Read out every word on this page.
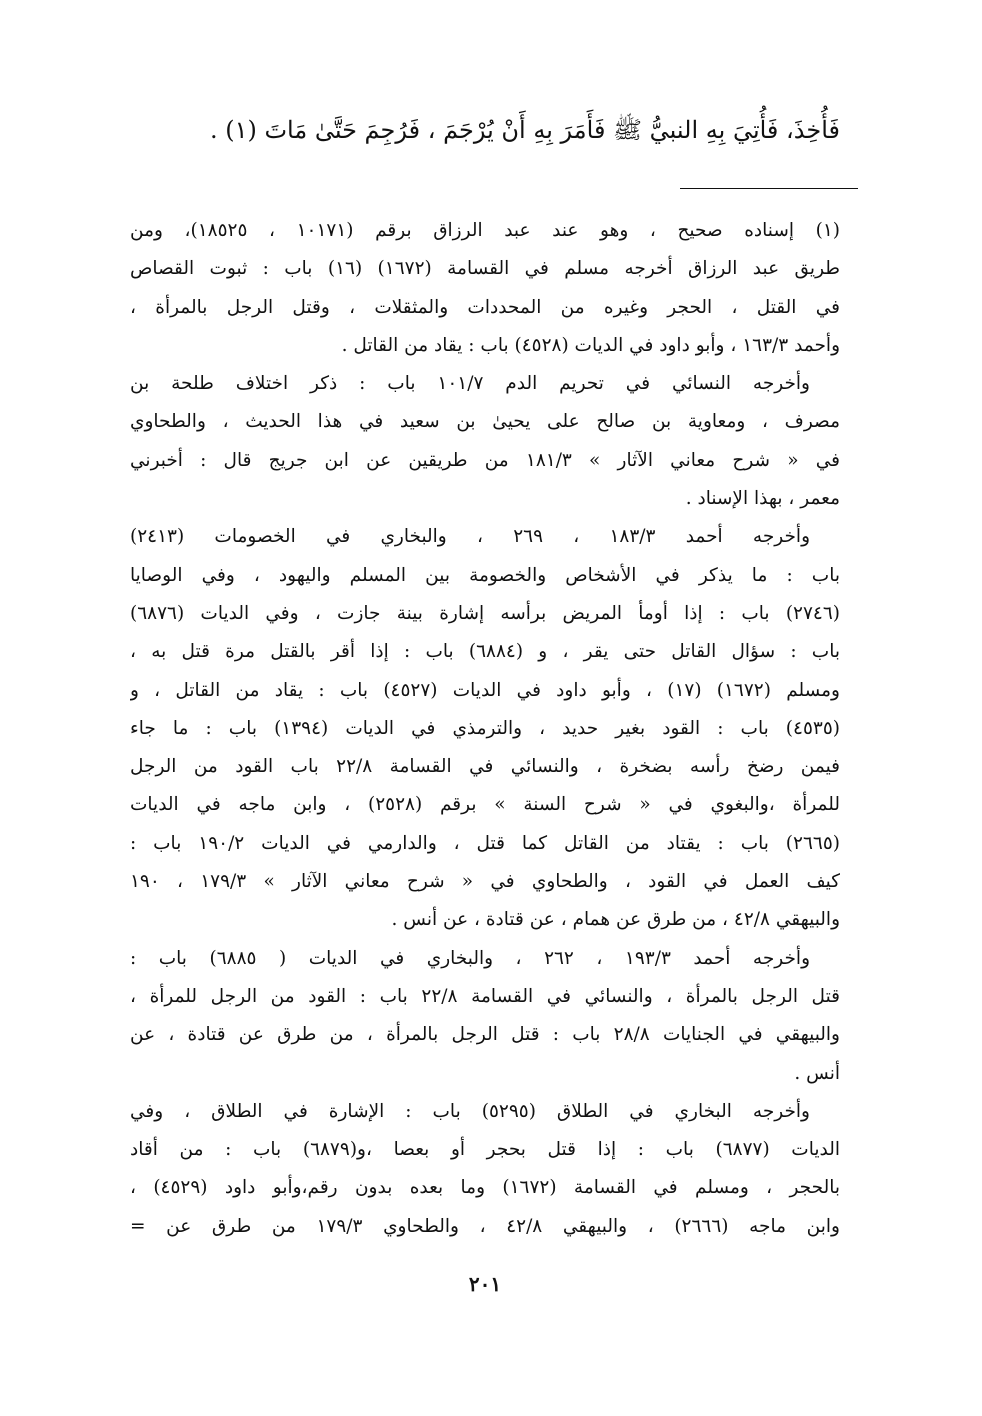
فَأُخِذَ، فَأُتِيَ بِهِ النبيُّ ﷺ فَأَمَرَ بِهِ أَنْ يُرْجَمَ ، فَرُجِمَ حَتَّىٰ مَاتَ (١) .

(١) إسناده صحيح ، وهو عند عبد الرزاق برقم (١٠١٧١ ، ١٨٥٢٥)، ومن
طريق عبد الرزاق أخرجه مسلم في القسامة (١٦٧٢) (١٦) باب : ثبوت القصاص
في القتل ، الحجر وغيره من المحددات والمثقلات ، وقتل الرجل بالمرأة ،
وأحمد ١٦٣/٣ ، وأبو داود في الديات (٤٥٢٨) باب : يقاد من القاتل .
وأخرجه النسائي في تحريم الدم ١٠١/٧ باب : ذكر اختلاف طلحة بن
مصرف ، ومعاوية بن صالح على يحيىٰ بن سعيد في هذا الحديث ، والطحاوي
في « شرح معاني الآثار » ١٨١/٣ من طريقين عن ابن جريج قال : أخبرني
معمر ، بهذا الإسناد .
وأخرجه أحمد ١٨٣/٣ ، ٢٦٩ ، والبخاري في الخصومات (٢٤١٣)
باب : ما يذكر في الأشخاص والخصومة بين المسلم واليهود ، وفي الوصايا
(٢٧٤٦) باب : إذا أومأ المريض برأسه إشارة بينة جازت ، وفي الديات (٦٨٧٦)
باب : سؤال القاتل حتى يقر ، و (٦٨٨٤) باب : إذا أقر بالقتل مرة قتل به ،
ومسلم (١٦٧٢) (١٧) ، وأبو داود في الديات (٤٥٢٧) باب : يقاد من القاتل ، و
(٤٥٣٥) باب : القود بغير حديد ، والترمذي في الديات (١٣٩٤) باب : ما جاء
فيمن رضخ رأسه بضخرة ، والنسائي في القسامة ٢٢/٨ باب القود من الرجل
للمرأة ،والبغوي في « شرح السنة » برقم (٢٥٢٨) ، وابن ماجه في الديات
(٢٦٦٥) باب : يقتاد من القاتل كما قتل ، والدارمي في الديات ١٩٠/٢ باب :
كيف العمل في القود ، والطحاوي في « شرح معاني الآثار » ١٧٩/٣ ، ١٩٠
والبيهقي ٤٢/٨ ، من طرق عن همام ، عن قتادة ، عن أنس .
وأخرجه أحمد ١٩٣/٣ ، ٢٦٢ ، والبخاري في الديات ( ٦٨٨٥) باب :
قتل الرجل بالمرأة ، والنسائي في القسامة ٢٢/٨ باب : القود من الرجل للمرأة ،
والبيهقي في الجنايات ٢٨/٨ باب : قتل الرجل بالمرأة ، من طرق عن قتادة ، عن
أنس .
وأخرجه البخاري في الطلاق (٥٢٩٥) باب : الإشارة في الطلاق ، وفي
الديات (٦٨٧٧) باب : إذا قتل بحجر أو بعصا ،و(٦٨٧٩) باب : من أقاد
بالحجر ، ومسلم في القسامة (١٦٧٢) وما بعده بدون رقم،وأبو داود (٤٥٢٩) ،
وابن ماجه (٢٦٦٦) ، والبيهقي ٤٢/٨ ، والطحاوي ١٧٩/٣ من طرق عن =
٢٠١
